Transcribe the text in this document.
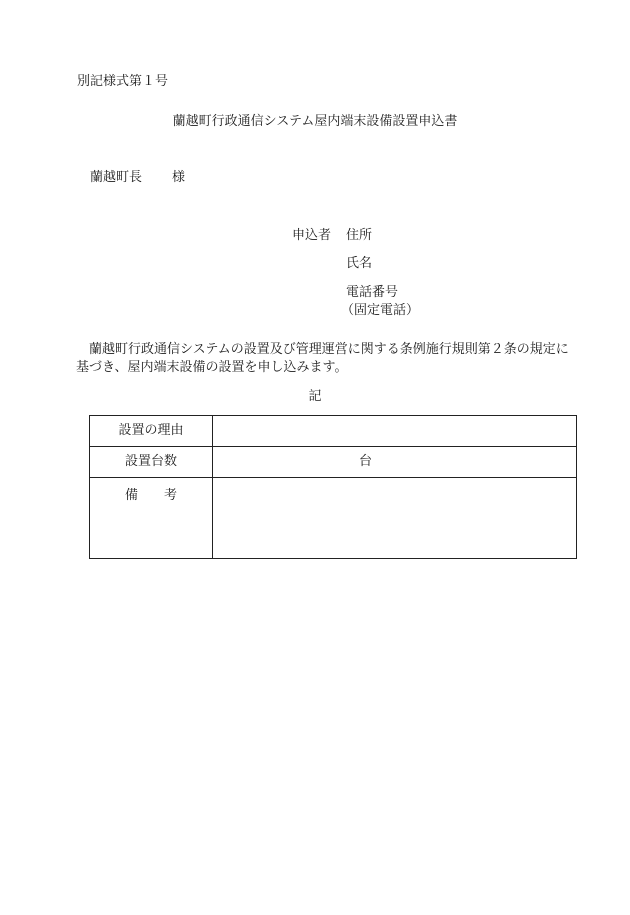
別記様式第１号
蘭越町行政通信システム屋内端末設備設置申込書
蘭越町長 様
申込者 住所
氏名
電話番号
（固定電話）
蘭越町行政通信システムの設置及び管理運営に関する条例施行規則第２条の規定に基づき、屋内端末設備の設置を申し込みます。
記
設置の理由	
設置台数	台
備 考	
